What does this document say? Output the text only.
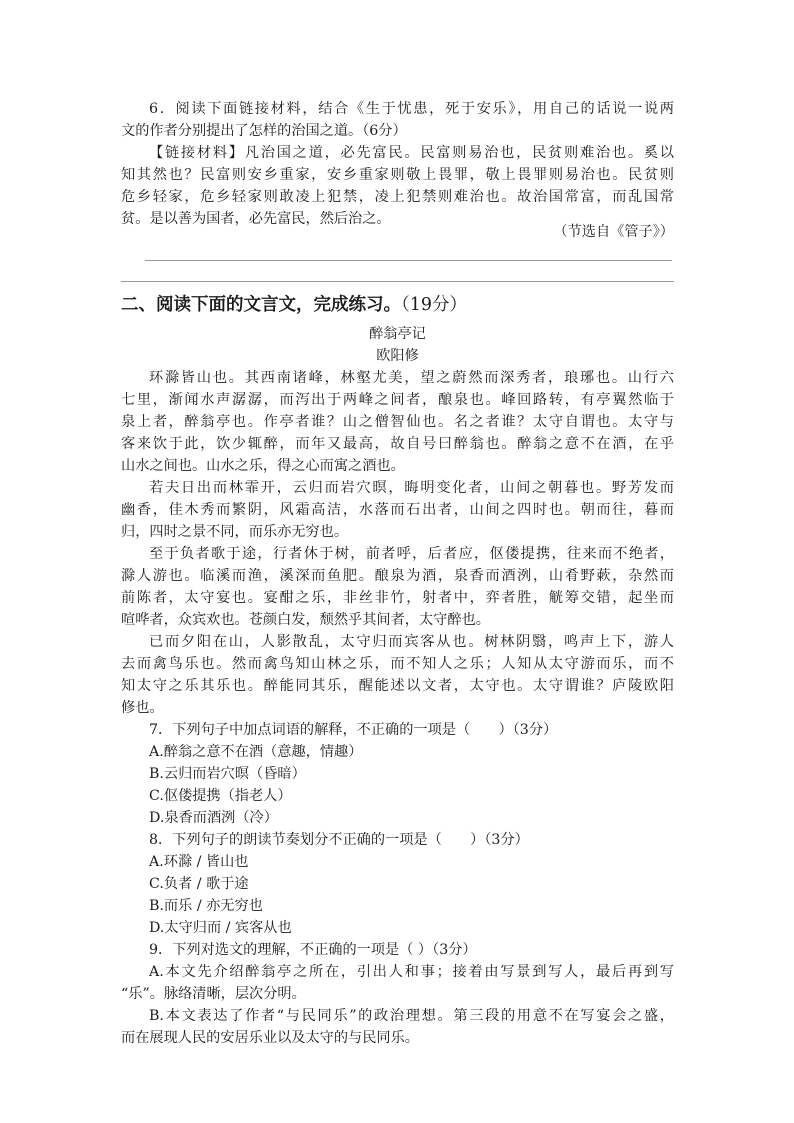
6．阅读下面链接材料，结合《生于忧患，死于安乐》，用自己的话说一说两
文的作者分别提出了怎样的治国之道。（6分）
【链接材料】凡治国之道，必先富民。民富则易治也，民贫则难治也。奚以
知其然也？民富则安乡重家，安乡重家则敬上畏罪，敬上畏罪则易治也。民贫则
危乡轻家，危乡轻家则敢凌上犯禁，凌上犯禁则难治也。故治国常富，而乱国常
贫。是以善为国者，必先富民，然后治之。
（节选自《管子》）
二、阅读下面的文言文，完成练习。（19分）
醉翁亭记
欧阳修
环滁皆山也。其西南诸峰，林壑尤美，望之蔚然而深秀者，琅琊也。山行六
七里，渐闻水声潺潺，而泻出于两峰之间者，酿泉也。峰回路转，有亭翼然临于
泉上者，醉翁亭也。作亭者谁？山之僧智仙也。名之者谁？太守自谓也。太守与
客来饮于此，饮少辄醉，而年又最高，故自号曰醉翁也。醉翁之意不在酒，在乎
山水之间也。山水之乐，得之心而寓之酒也。
若夫日出而林霏开，云归而岩穴暝，晦明变化者，山间之朝暮也。野芳发而
幽香，佳木秀而繁阴，风霜高洁，水落而石出者，山间之四时也。朝而往，暮而
归，四时之景不同，而乐亦无穷也。
至于负者歌于途，行者休于树，前者呼，后者应，伛偻提携，往来而不绝者，
滁人游也。临溪而渔，溪深而鱼肥。酿泉为酒，泉香而酒洌，山肴野蔌，杂然而
前陈者，太守宴也。宴酣之乐，非丝非竹，射者中，弈者胜，觥筹交错，起坐而
喧哗者，众宾欢也。苍颜白发，颓然乎其间者，太守醉也。
已而夕阳在山，人影散乱，太守归而宾客从也。树林阴翳，鸣声上下，游人
去而禽鸟乐也。然而禽鸟知山林之乐，而不知人之乐；人知从太守游而乐，而不
知太守之乐其乐也。醉能同其乐，醒能述以文者，太守也。太守谓谁？庐陵欧阳
修也。
7．下列句子中加点词语的解释，不正确的一项是（　　）（3分）
A.醉翁之意不在酒（意趣，情趣）
B.云归而岩穴暝（昏暗）
C.伛偻提携（指老人）
D.泉香而酒洌（冷）
8．下列句子的朗读节奏划分不正确的一项是（　　）（3分）
A.环滁 / 皆山也
C.负者 / 歌于途
B.而乐 / 亦无穷也
D.太守归而 / 宾客从也
9．下列对选文的理解，不正确的一项是（ ）（3分）
A.本文先介绍醉翁亭之所在，引出人和事；接着由写景到写人，最后再到写
“乐”。脉络清晰，层次分明。
B.本文表达了作者“与民同乐”的政治理想。第三段的用意不在写宴会之盛，
而在展现人民的安居乐业以及太守的与民同乐。
